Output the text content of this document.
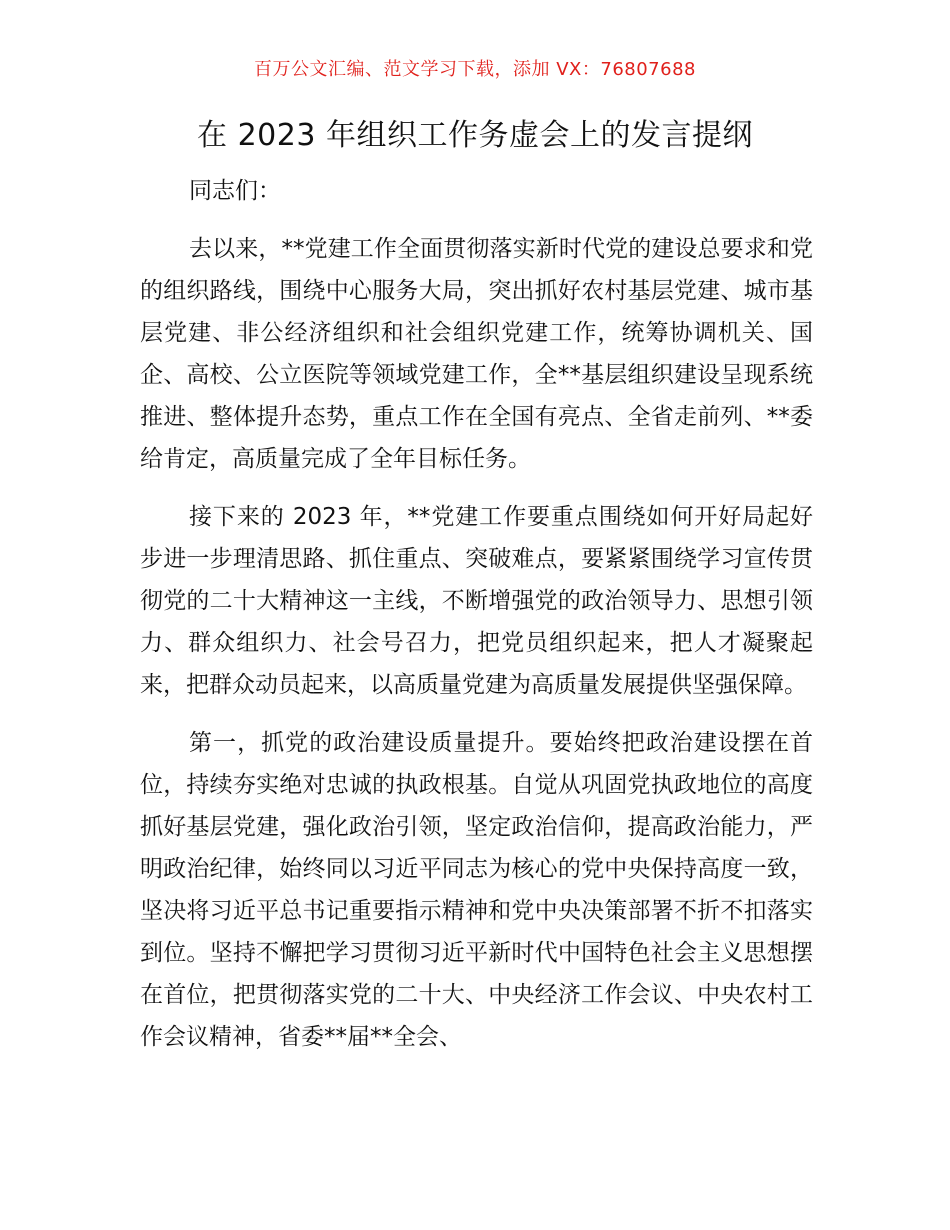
百万公文汇编、范文学习下载，添加 VX：76807688
在 2023 年组织工作务虚会上的发言提纲

同志们：

去以来，**党建工作全面贯彻落实新时代党的建设总要求和党的组织路线，围绕中心服务大局，突出抓好农村基层党建、城市基层党建、非公经济组织和社会组织党建工作，统筹协调机关、国企、高校、公立医院等领域党建工作，全**基层组织建设呈现系统推进、整体提升态势，重点工作在全国有亮点、全省走前列、**委给肯定，高质量完成了全年目标任务。

接下来的 2023 年，**党建工作要重点围绕如何开好局起好步进一步理清思路、抓住重点、突破难点，要紧紧围绕学习宣传贯彻党的二十大精神这一主线，不断增强党的政治领导力、思想引领力、群众组织力、社会号召力，把党员组织起来，把人才凝聚起来，把群众动员起来，以高质量党建为高质量发展提供坚强保障。

第一，抓党的政治建设质量提升。要始终把政治建设摆在首位，持续夯实绝对忠诚的执政根基。自觉从巩固党执政地位的高度抓好基层党建，强化政治引领，坚定政治信仰，提高政治能力，严明政治纪律，始终同以习近平同志为核心的党中央保持高度一致，坚决将习近平总书记重要指示精神和党中央决策部署不折不扣落实到位。坚持不懈把学习贯彻习近平新时代中国特色社会主义思想摆在首位，把贯彻落实党的二十大、中央经济工作会议、中央农村工作会议精神，省委**届**全会、
